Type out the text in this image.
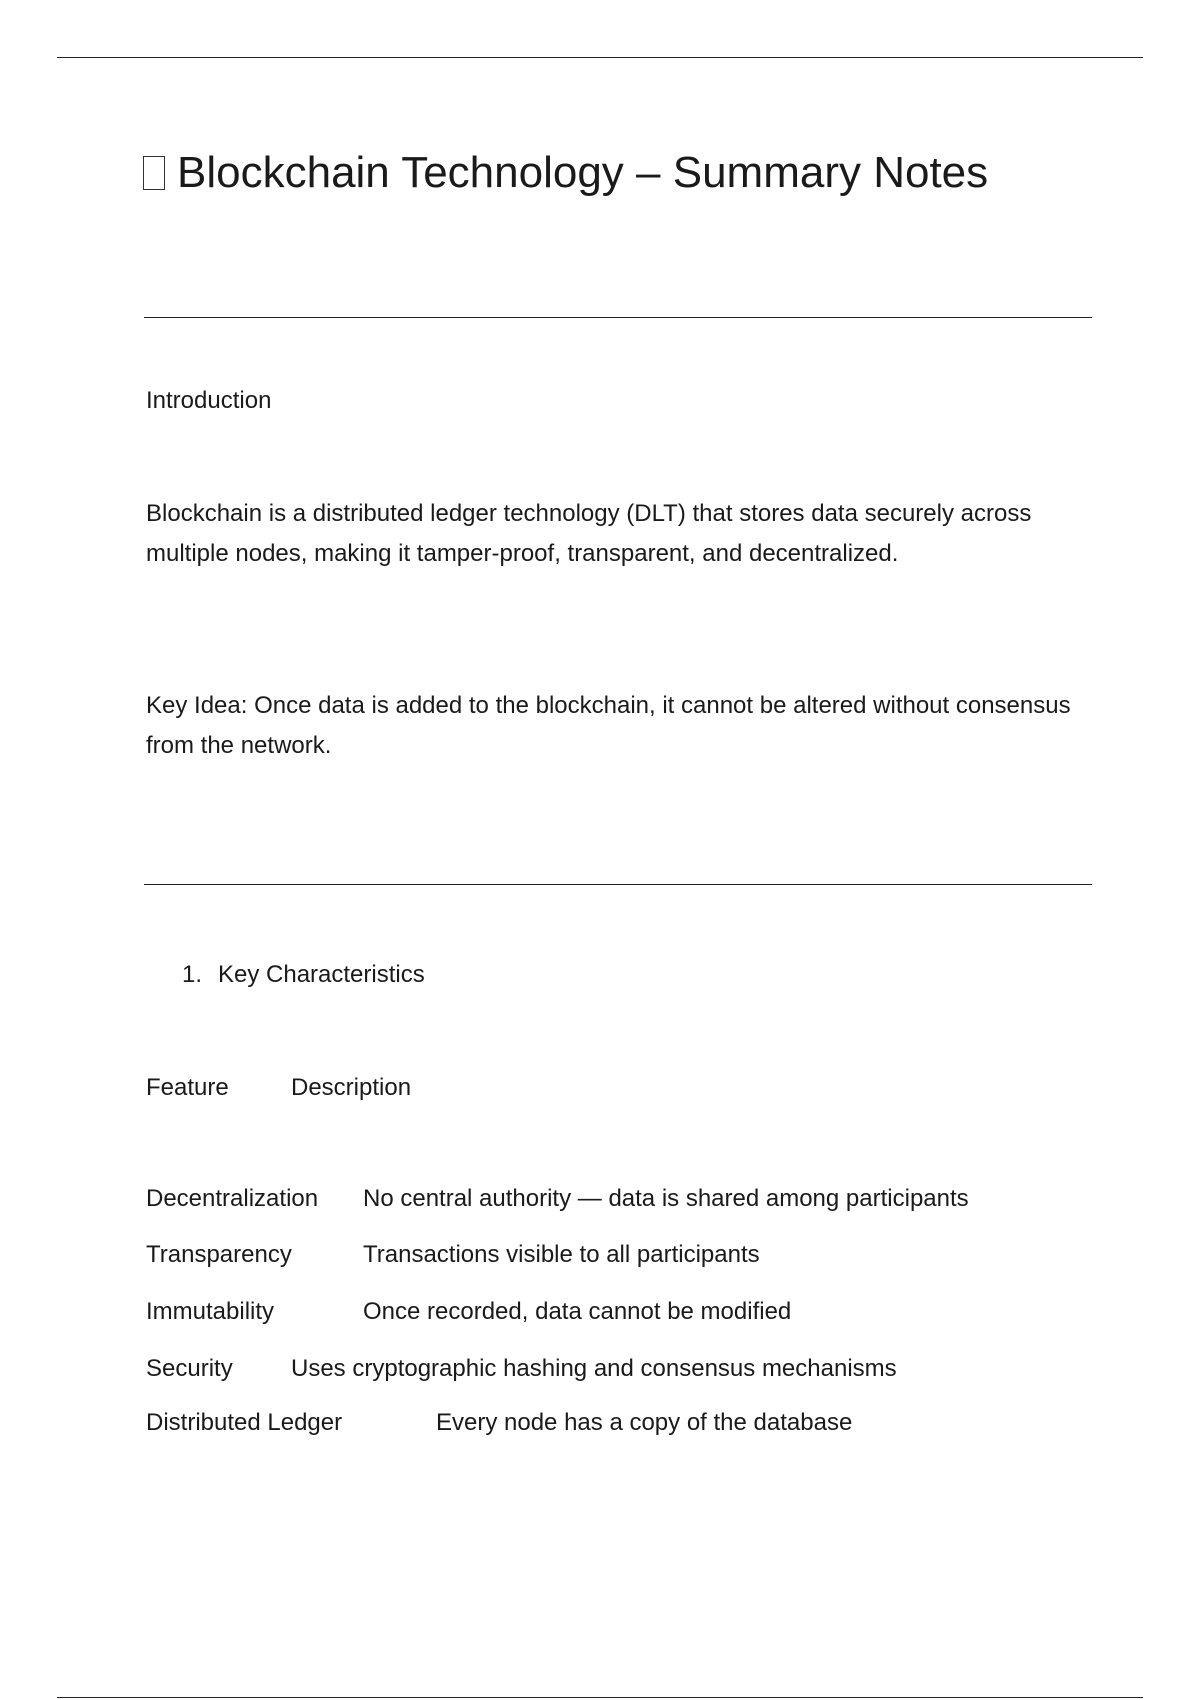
Blockchain Technology – Summary Notes

Introduction

Blockchain is a distributed ledger technology (DLT) that stores data securely across multiple nodes, making it tamper-proof, transparent, and decentralized.

Key Idea: Once data is added to the blockchain, it cannot be altered without consensus from the network.

1. Key Characteristics

Feature	Description
Decentralization No central authority — data is shared among participants
Transparency	Transactions visible to all participants
Immutability	Once recorded, data cannot be modified
Security Uses cryptographic hashing and consensus mechanisms
Distributed Ledger	Every node has a copy of the database
